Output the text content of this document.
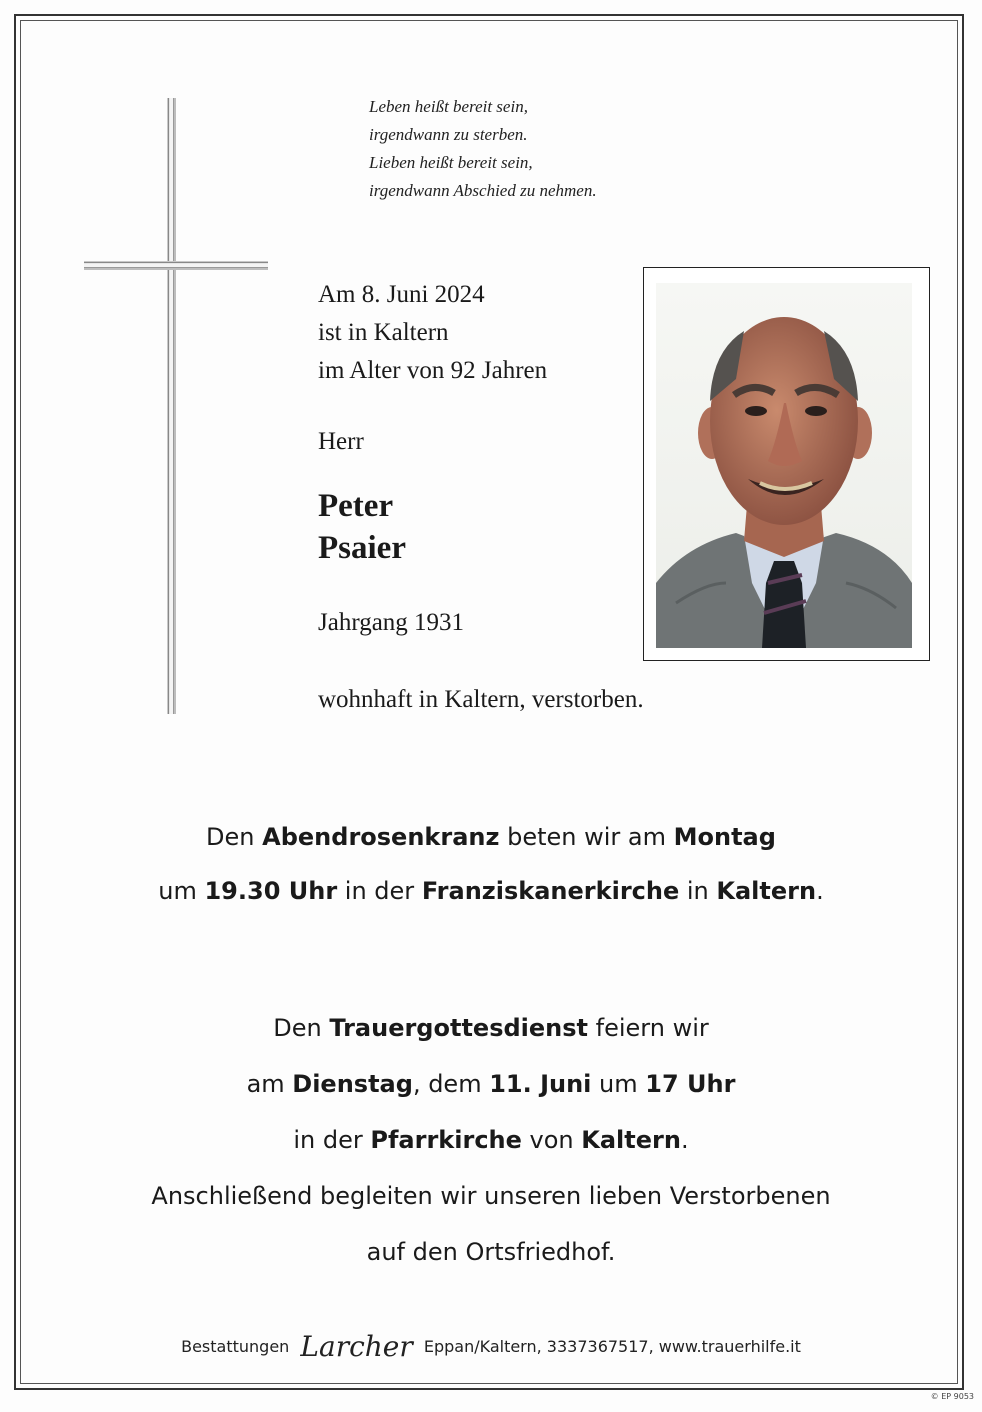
Leben heißt bereit sein,
irgendwann zu sterben.
Lieben heißt bereit sein,
irgendwann Abschied zu nehmen.
Am 8. Juni 2024
ist in Kaltern
im Alter von 92 Jahren
Herr
Peter
Psaier
Jahrgang 1931
wohnhaft in Kaltern, verstorben.
Den Abendrosenkranz beten wir am Montag
um 19.30 Uhr in der Franziskanerkirche in Kaltern.
Den Trauergottesdienst feiern wir
am Dienstag, dem 11. Juni um 17 Uhr
in der Pfarrkirche von Kaltern.
Anschließend begleiten wir unseren lieben Verstorbenen
auf den Ortsfriedhof.
Bestattungen Larcher Eppan/Kaltern, 3337367517, www.trauerhilfe.it
© EP 9053
